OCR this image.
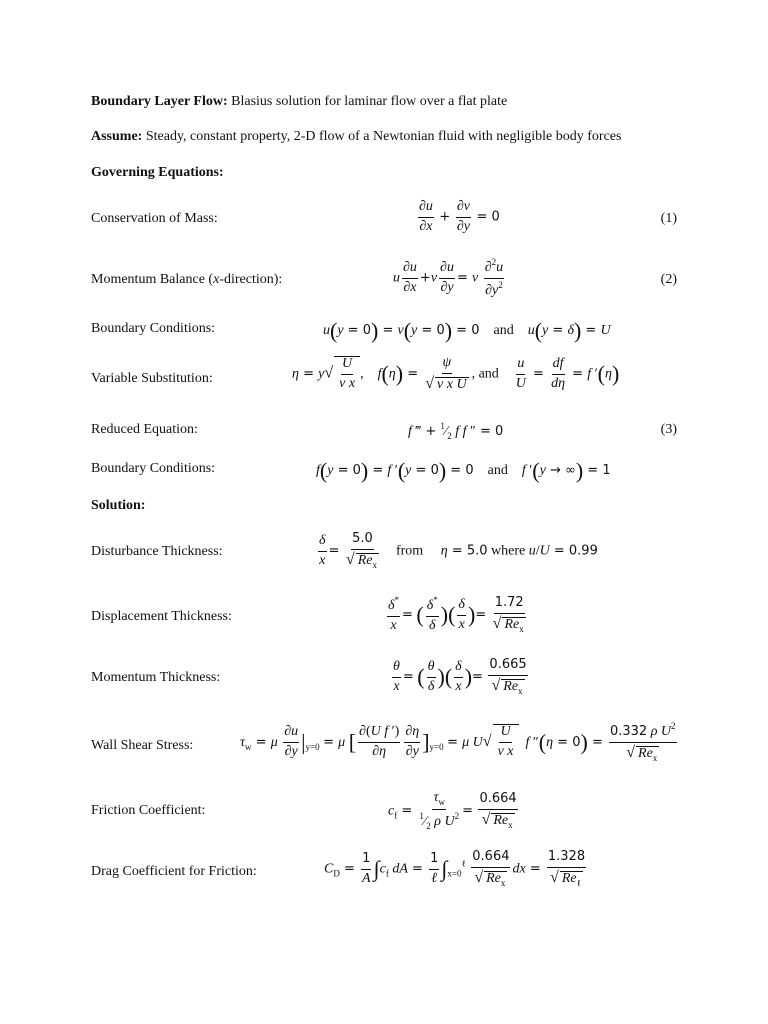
Boundary Layer Flow: Blasius solution for laminar flow over a flat plate
Assume: Steady, constant property, 2-D flow of a Newtonian fluid with negligible body forces
Governing Equations:
Conservation of Mass:	$\frac{\partial u}{\partial x} + \frac{\partial v}{\partial y} = 0$	(1)
Momentum Balance (x-direction):	u $\frac{\partial u}{\partial x} +v \frac{\partial u}{\partial y} = \nu \frac{\partial^2u}{\partial y^2}$	(2)
Boundary Conditions:	u(y = 0) = v(y = 0) = 0 and u(y = δ) = U
Variable Substitution:	$\eta = y√ \frac{U}{\text{ν x}}$ ,    $f(\eta) = \frac{\psi}{\text{√ ν x U}}$ , and $\frac{u}{U} = \frac{df}{d\eta} = f$ ′(η)
Reduced Equation:	f ‴ + $^1⁄_2$ f f ″ = 0	(3)
Boundary Conditions:	f(y = 0) = f ′(y = 0) = 0 and f ′(y → ∞) = 1
Solution:
Disturbance Thickness:	$\frac{\delta}{x} = \frac{5.0}{√ Re_x}$ from η = 5.0 where u/U = 0.99
Displacement Thickness:	$\frac{\delta^*}{x}$ = ( $\frac{\delta^*}{\delta}$ )( $\frac{\delta}{x}$ )= $\frac{1.72}{√ Re_x}$
Momentum Thickness:	$\frac{\theta}{x}$ = ( $\frac{\theta}{\delta}$ )( $\frac{\delta}{x}$ )= $\frac{0.665}{√ Re_x}$
Wall Shear Stress:	$\tau_w = \mu \frac{\partial u}{\partial y} |_{y=0} = \mu$ [ $\frac{\text{∂(U f ′)}}{\partial\eta} \frac{\partial\eta}{\partial y} ]_{y=0} = \mu$ $U√ \frac{U}{\text{ν x}}$ f $''(\eta = 0) = \frac{0.332 \rho U^2}{√ Re_x}$
Friction Coefficient:	$c_f = \frac{\tau_w}{^1⁄_2 \rho U^2} = \frac{0.664}{√ Re_x}$
Drag Coefficient for Friction:	$C_D = \frac{1}{A} \int c_f$ dA = $\frac{1}{\text{ℓ}} \int_{x=0}^\ell \frac{0.664}{√ Re_x}$ dx = $\frac{1.328}{√ Re_\ell}$
